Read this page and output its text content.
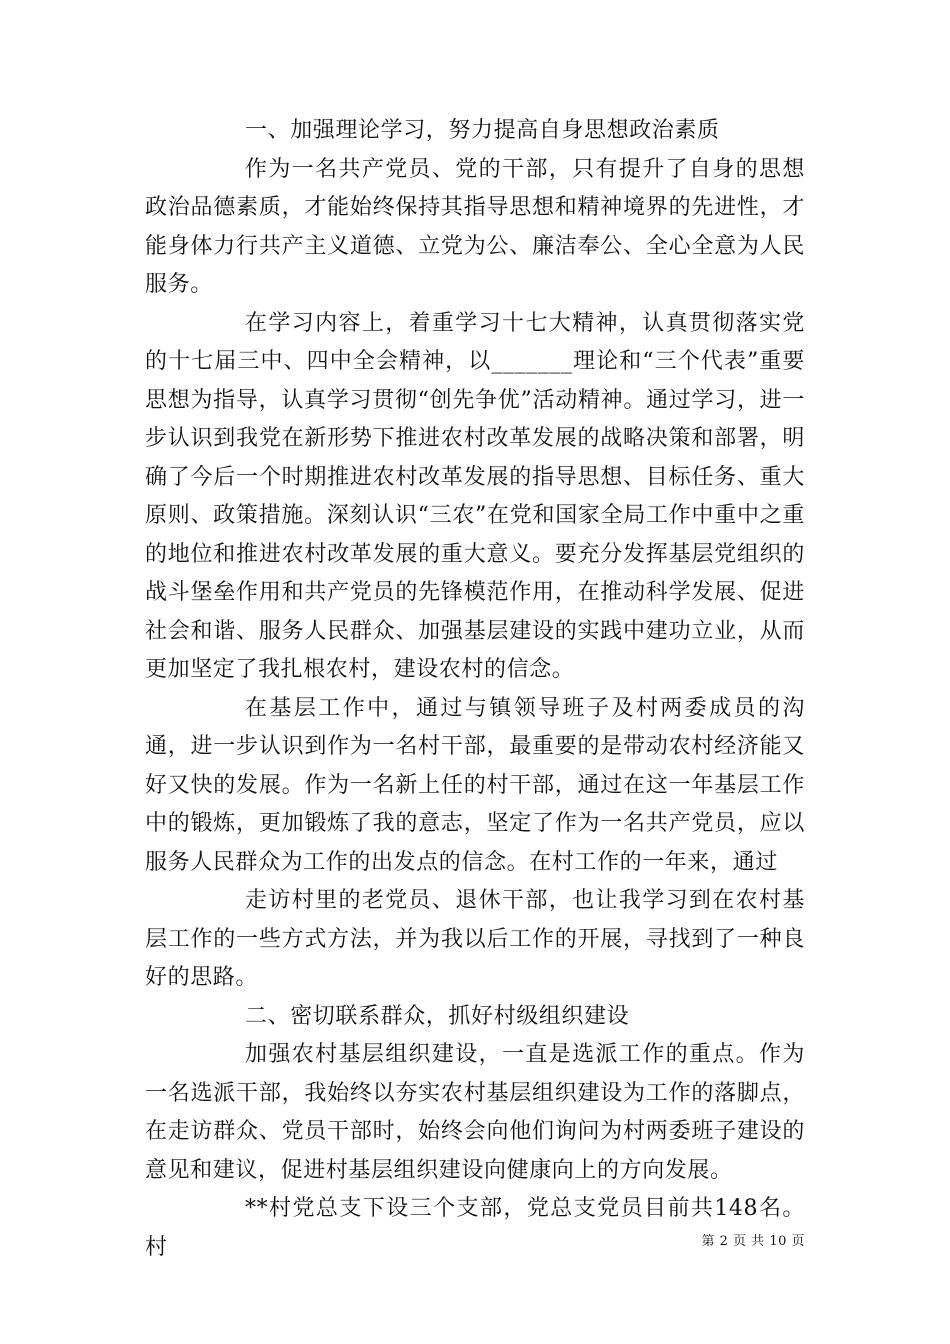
一、加强理论学习，努力提高自身思想政治素质

作为一名共产党员、党的干部，只有提升了自身的思想政治品德素质，才能始终保持其指导思想和精神境界的先进性，才能身体力行共产主义道德、立党为公、廉洁奉公、全心全意为人民服务。

在学习内容上，着重学习十七大精神，认真贯彻落实党的十七届三中、四中全会精神，以_______理论和“三个代表”重要思想为指导，认真学习贯彻“创先争优”活动精神。通过学习，进一步认识到我党在新形势下推进农村改革发展的战略决策和部署，明确了今后一个时期推进农村改革发展的指导思想、目标任务、重大原则、政策措施。深刻认识“三农”在党和国家全局工作中重中之重的地位和推进农村改革发展的重大意义。要充分发挥基层党组织的战斗堡垒作用和共产党员的先锋模范作用，在推动科学发展、促进社会和谐、服务人民群众、加强基层建设的实践中建功立业，从而更加坚定了我扎根农村，建设农村的信念。

在基层工作中，通过与镇领导班子及村两委成员的沟通，进一步认识到作为一名村干部，最重要的是带动农村经济能又好又快的发展。作为一名新上任的村干部，通过在这一年基层工作中的锻炼，更加锻炼了我的意志，坚定了作为一名共产党员，应以服务人民群众为工作的出发点的信念。在村工作的一年来，通过

走访村里的老党员、退休干部，也让我学习到在农村基层工作的一些方式方法，并为我以后工作的开展，寻找到了一种良好的思路。

二、密切联系群众，抓好村级组织建设

加强农村基层组织建设，一直是选派工作的重点。作为一名选派干部，我始终以夯实农村基层组织建设为工作的落脚点，在走访群众、党员干部时，始终会向他们询问为村两委班子建设的意见和建议，促进村基层组织建设向健康向上的方向发展。

**村党总支下设三个支部，党总支党员目前共148名。村	第 2 页 共 10 页
